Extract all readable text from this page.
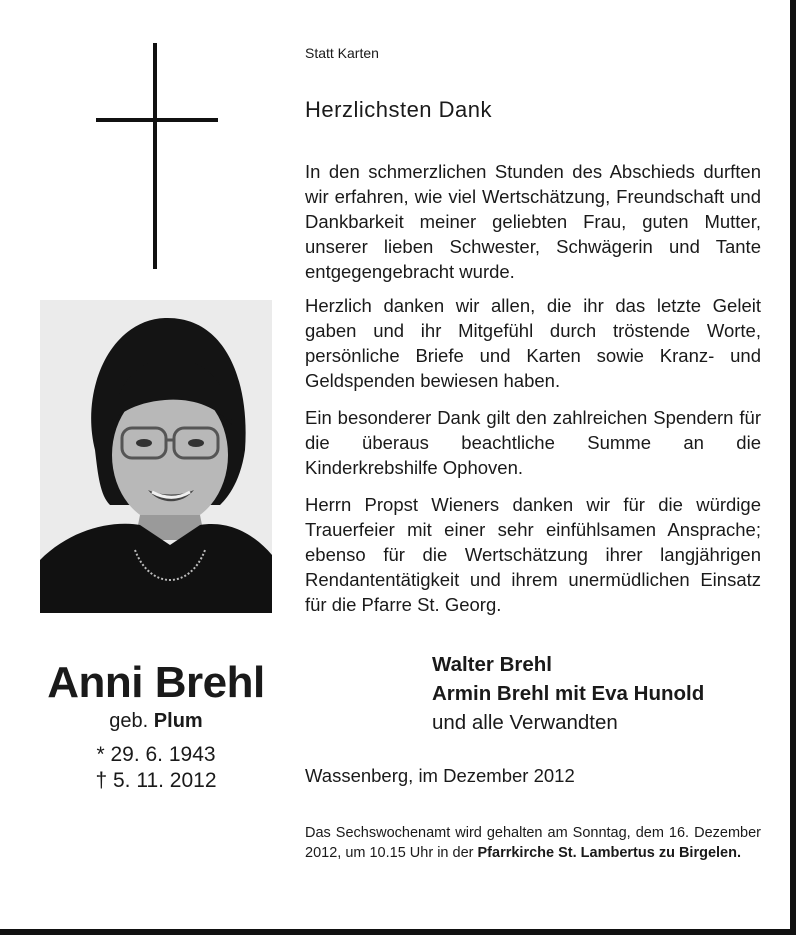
Anni Brehl
geb. Plum
* 29. 6. 1943
† 5. 11. 2012
Statt Karten
Herzlichsten Dank

In den schmerzlichen Stunden des Abschieds durften wir erfahren, wie viel Wertschätzung, Freundschaft und Dankbarkeit meiner geliebten Frau, guten Mutter, unserer lieben Schwester, Schwägerin und Tante entgegengebracht wurde.

Herzlich danken wir allen, die ihr das letzte Geleit gaben und ihr Mitgefühl durch tröstende Worte, persönliche Briefe und Karten sowie Kranz- und Geldspenden bewiesen haben.

Ein besonderer Dank gilt den zahlreichen Spendern für die überaus beachtliche Summe an die Kinderkrebshilfe Ophoven.

Herrn Propst Wieners danken wir für die würdige Trauerfeier mit einer sehr einfühlsamen Ansprache; ebenso für die Wertschätzung ihrer langjährigen Rendantentätigkeit und ihrem unermüdlichen Einsatz für die Pfarre St. Georg.

Walter Brehl
Armin Brehl mit Eva Hunold
und alle Verwandten
Wassenberg, im Dezember 2012
Das Sechswochenamt wird gehalten am Sonntag, dem 16. Dezember 2012, um 10.15 Uhr in der Pfarrkirche St. Lambertus zu Birgelen.
